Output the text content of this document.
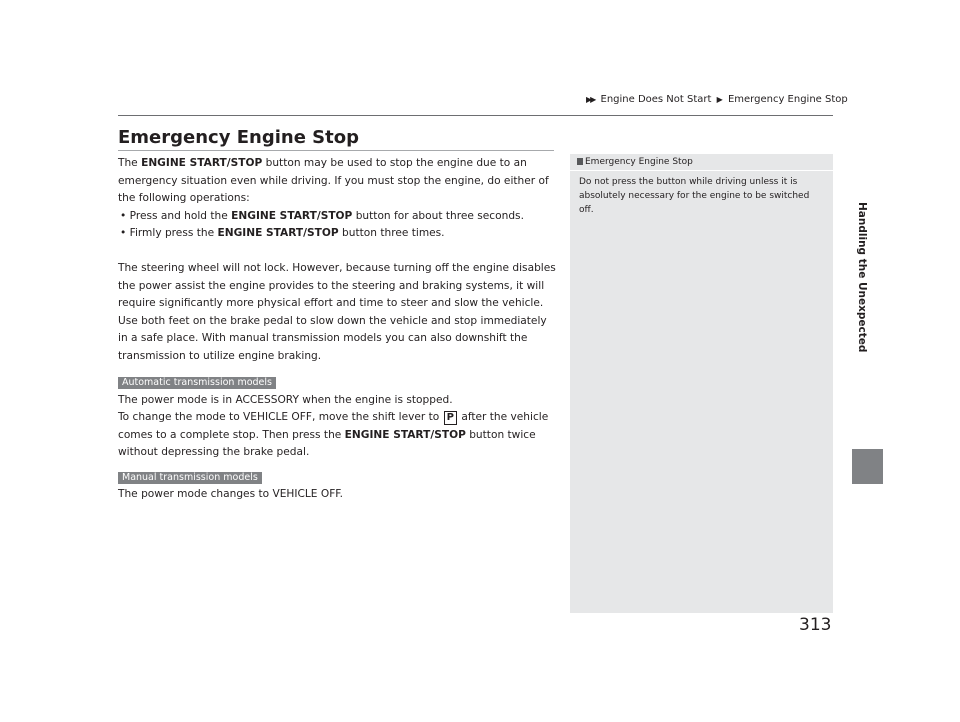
▶▶ Engine Does Not Start ▶ Emergency Engine Stop
Handling the Unexpected
Emergency Engine Stop

The ENGINE START/STOP button may be used to stop the engine due to an emergency situation even while driving. If you must stop the engine, do either of the following operations:

• Press and hold the ENGINE START/STOP button for about three seconds.

• Firmly press the ENGINE START/STOP button three times.

The steering wheel will not lock. However, because turning off the engine disables the power assist the engine provides to the steering and braking systems, it will require significantly more physical effort and time to steer and slow the vehicle. Use both feet on the brake pedal to slow down the vehicle and stop immediately in a safe place. With manual transmission models you can also downshift the transmission to utilize engine braking.

Automatic transmission models

The power mode is in ACCESSORY when the engine is stopped.

To change the mode to VEHICLE OFF, move the shift lever to P after the vehicle comes to a complete stop. Then press the ENGINE START/STOP button twice without depressing the brake pedal.

Manual transmission models

The power mode changes to VEHICLE OFF.

Emergency Engine Stop
Do not press the button while driving unless it is absolutely necessary for the engine to be switched off.
313
